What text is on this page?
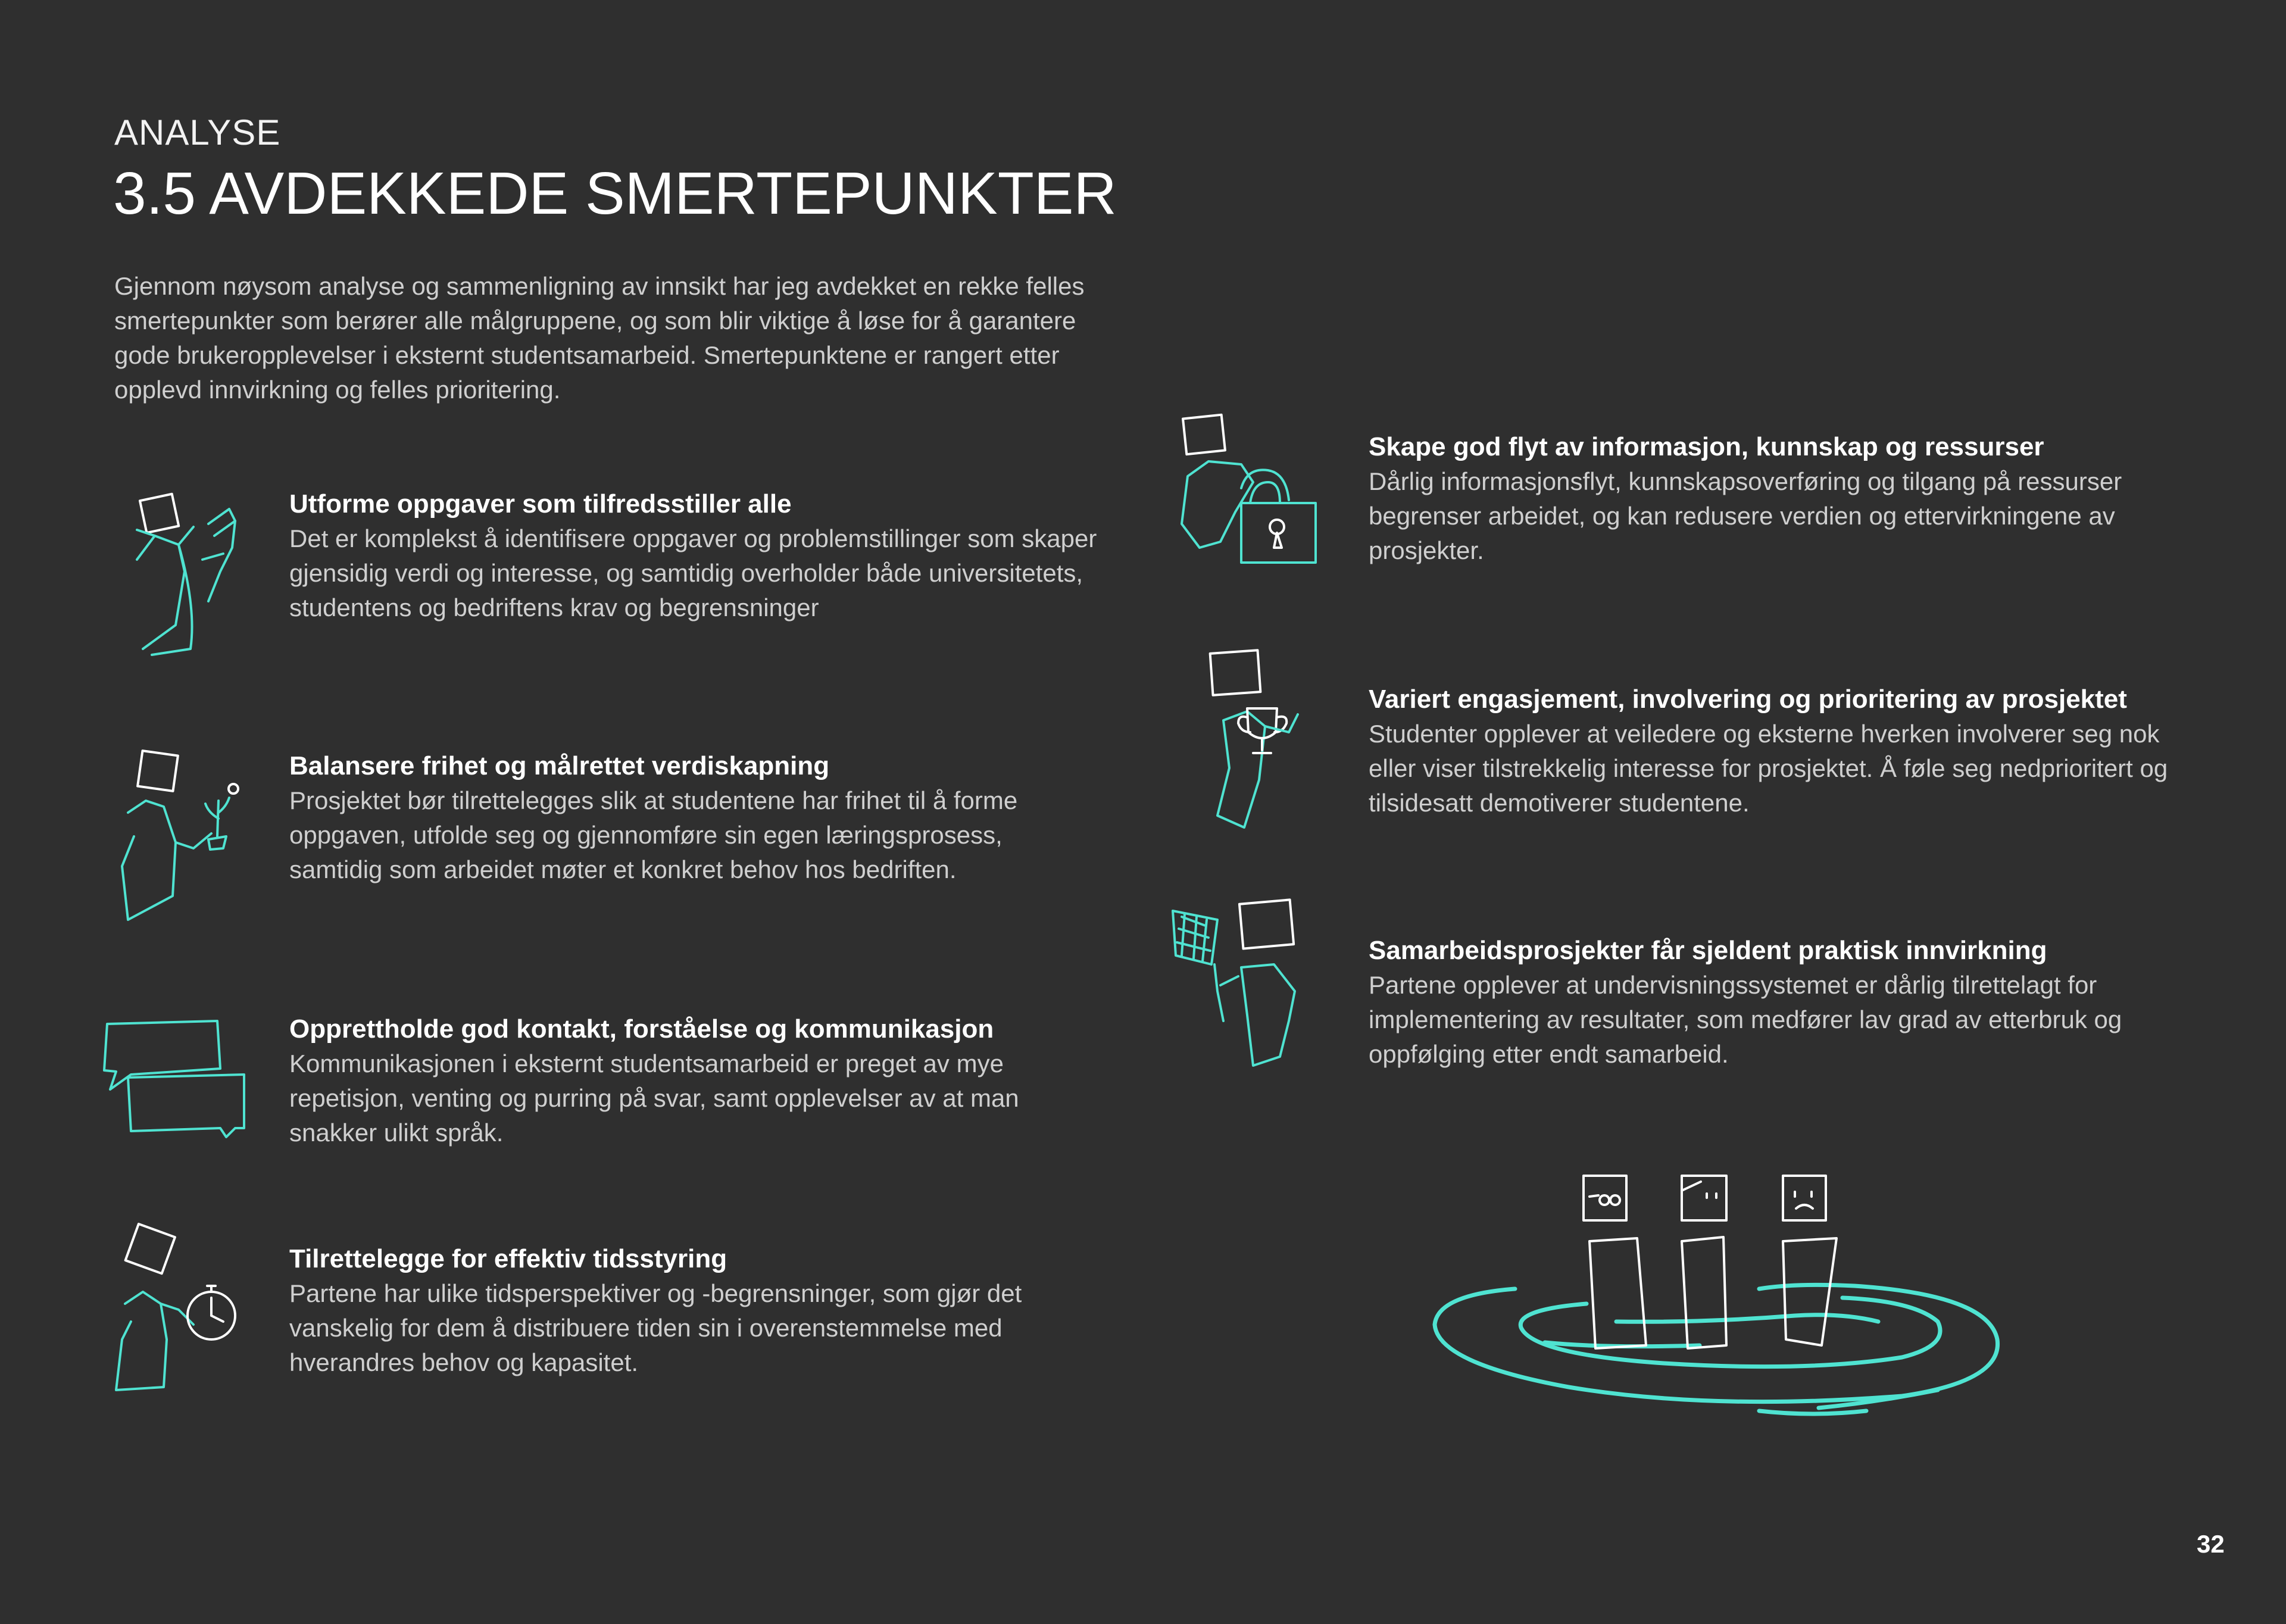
ANALYSE
3.5 AVDEKKEDE SMERTEPUNKTER

Gjennom nøysom analyse og sammenligning av innsikt har jeg avdekket en rekke felles smertepunkter som berører alle målgruppene, og som blir viktige å løse for å garantere gode brukeropplevelser i eksternt studentsamarbeid. Smertepunktene er rangert etter opplevd innvirkning og felles prioritering.

Utforme oppgaver som tilfredsstiller alle

Det er komplekst å identifisere oppgaver og problemstillinger som skaper gjensidig verdi og interesse, og samtidig overholder både universitetets, studentens og bedriftens krav og begrensninger

Balansere frihet og målrettet verdiskapning

Prosjektet bør tilrettelegges slik at studentene har frihet til å forme oppgaven, utfolde seg og gjennomføre sin egen læringsprosess, samtidig som arbeidet møter et konkret behov hos bedriften.

Opprettholde god kontakt, forståelse og kommunikasjon

Kommunikasjonen i eksternt studentsamarbeid er preget av mye repetisjon, venting og purring på svar, samt opplevelser av at man snakker ulikt språk.

Tilrettelegge for effektiv tidsstyring

Partene har ulike tidsperspektiver og -begrensninger, som gjør det vanskelig for dem å distribuere tiden sin i overenstemmelse med hverandres behov og kapasitet.

Skape god flyt av informasjon, kunnskap og ressurser

Dårlig informasjonsflyt, kunnskapsoverføring og tilgang på ressurser begrenser arbeidet, og kan redusere verdien og ettervirkningene av prosjekter.

Variert engasjement, involvering og prioritering av prosjektet

Studenter opplever at veiledere og eksterne hverken involverer seg nok eller viser tilstrekkelig interesse for prosjektet. Å føle seg nedprioritert og tilsidesatt demotiverer studentene.

Samarbeidsprosjekter får sjeldent praktisk innvirkning

Partene opplever at undervisningssystemet er dårlig tilrettelagt for implementering av resultater, som medfører lav grad av etterbruk og oppfølging etter endt samarbeid.

32
